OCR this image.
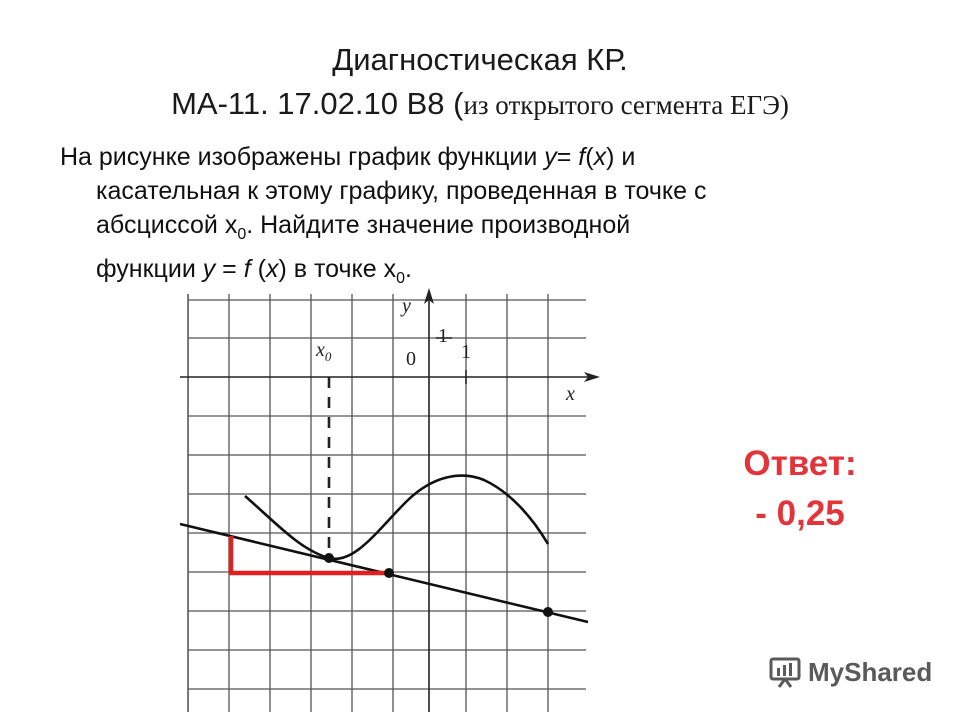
Диагностическая КР.
МА-11. 17.02.10 В8 (из открытого сегмента ЕГЭ)
На рисунке изображены график функции y= f(x) и
касательная к этому графику, проведенная в точке с
абсциссой $x_0$. Найдите значение производной
функции y = f (x) в точке $x_0$.
y
x
$x_0$	0 1
1
Ответ:
- 0,25
MyShared
